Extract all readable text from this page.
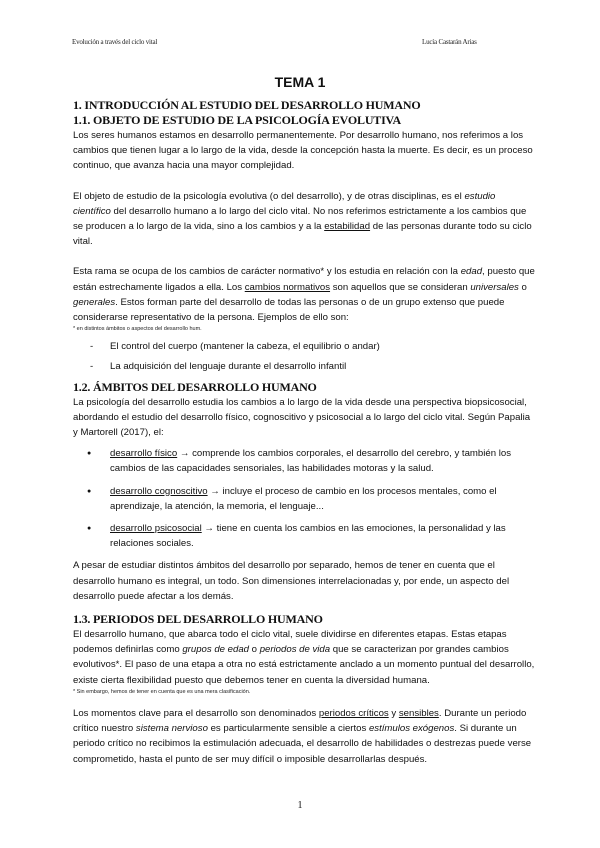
Evolución a través del ciclo vital	Lucía Castarán Arias
TEMA 1
1. INTRODUCCIÓN AL ESTUDIO DEL DESARROLLO HUMANO
1.1. OBJETO DE ESTUDIO DE LA PSICOLOGÍA EVOLUTIVA

Los seres humanos estamos en desarrollo permanentemente. Por desarrollo humano, nos referimos a los cambios que tienen lugar a lo largo de la vida, desde la concepción hasta la muerte. Es decir, es un proceso continuo, que avanza hacia una mayor complejidad.

El objeto de estudio de la psicología evolutiva (o del desarrollo), y de otras disciplinas, es el estudio científico del desarrollo humano a lo largo del ciclo vital. No nos referimos estrictamente a los cambios que se producen a lo largo de la vida, sino a los cambios y a la estabilidad de las personas durante todo su ciclo vital.

Esta rama se ocupa de los cambios de carácter normativo* y los estudia en relación con la edad, puesto que están estrechamente ligados a ella. Los cambios normativos son aquellos que se consideran universales o generales. Estos forman parte del desarrollo de todas las personas o de un grupo extenso que puede considerarse representativo de la persona. Ejemplos de ello son:

* en distintos ámbitos o aspectos del desarrollo hum.

- El control del cuerpo (mantener la cabeza, el equilibrio o andar)
- La adquisición del lenguaje durante el desarrollo infantil
1.2. ÁMBITOS DEL DESARROLLO HUMANO

La psicología del desarrollo estudia los cambios a lo largo de la vida desde una perspectiva biopsicosocial, abordando el estudio del desarrollo físico, cognoscitivo y psicosocial a lo largo del ciclo vital. Según Papalia y Martorell (2017), el:

● desarrollo físico → comprende los cambios corporales, el desarrollo del cerebro, y también los cambios de las capacidades sensoriales, las habilidades motoras y la salud.
● desarrollo cognoscitivo → incluye el proceso de cambio en los procesos mentales, como el aprendizaje, la atención, la memoria, el lenguaje...
● desarrollo psicosocial → tiene en cuenta los cambios en las emociones, la personalidad y las relaciones sociales.

A pesar de estudiar distintos ámbitos del desarrollo por separado, hemos de tener en cuenta que el desarrollo humano es integral, un todo. Son dimensiones interrelacionadas y, por ende, un aspecto del desarrollo puede afectar a los demás.

1.3. PERIODOS DEL DESARROLLO HUMANO

El desarrollo humano, que abarca todo el ciclo vital, suele dividirse en diferentes etapas. Estas etapas podemos definirlas como grupos de edad o periodos de vida que se caracterizan por grandes cambios evolutivos*. El paso de una etapa a otra no está estrictamente anclado a un momento puntual del desarrollo, existe cierta flexibilidad puesto que debemos tener en cuenta la diversidad humana.

* Sin embargo, hemos de tener en cuenta que es una mera clasificación.

Los momentos clave para el desarrollo son denominados periodos críticos y sensibles. Durante un periodo crítico nuestro sistema nervioso es particularmente sensible a ciertos estímulos exógenos. Si durante un periodo crítico no recibimos la estimulación adecuada, el desarrollo de habilidades o destrezas puede verse comprometido, hasta el punto de ser muy difícil o imposible desarrollarlas después.

1
